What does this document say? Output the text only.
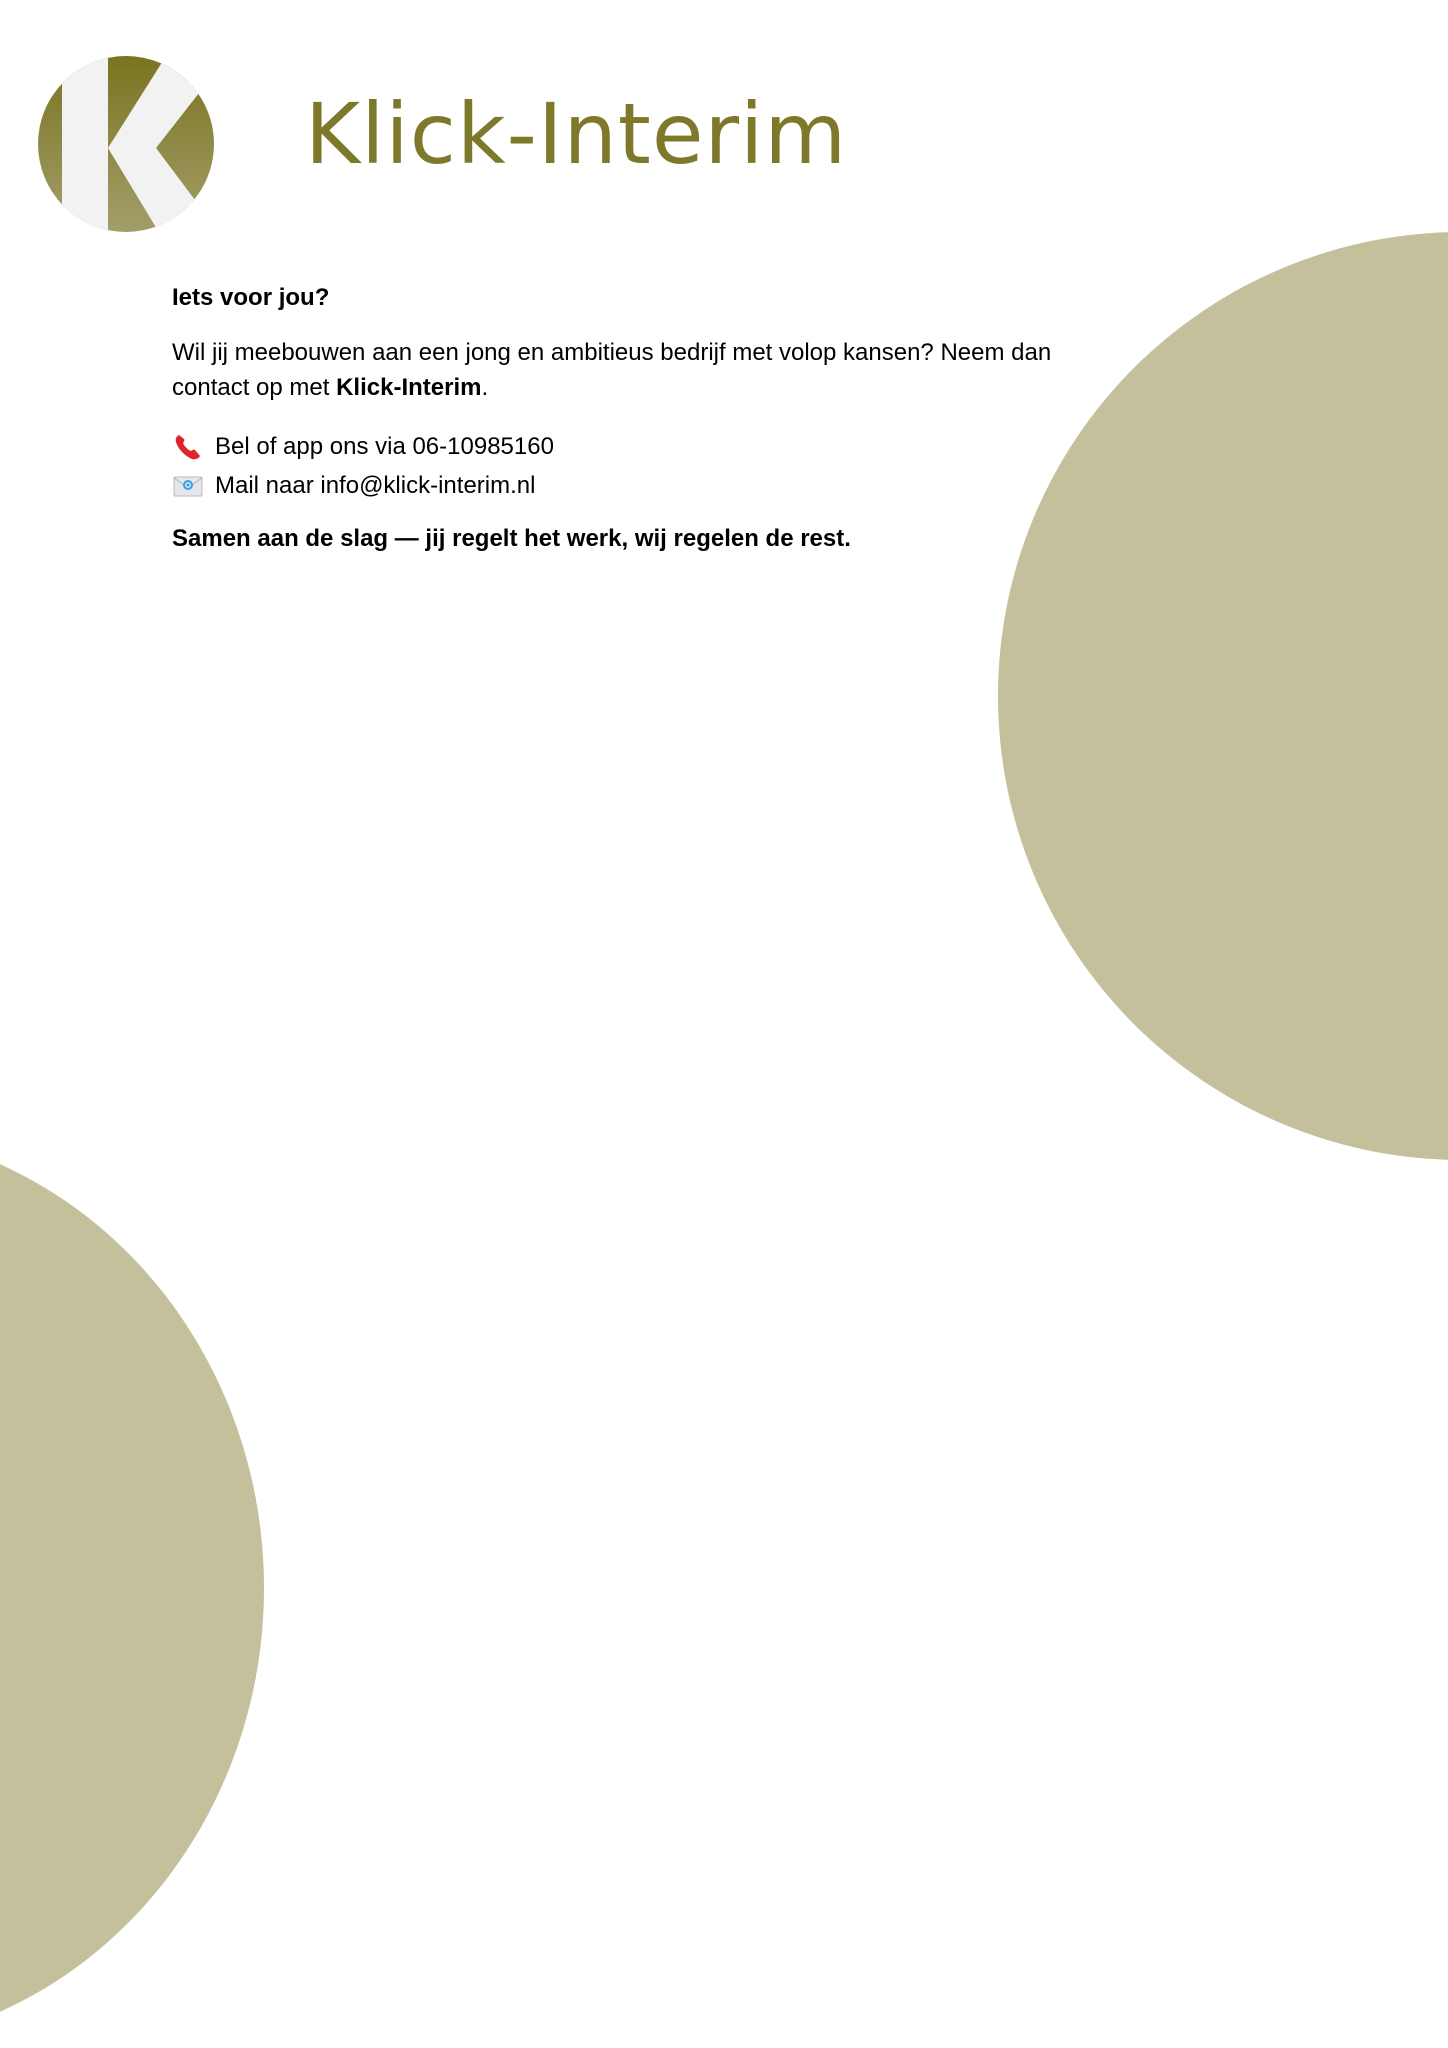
Klick-Interim
Iets voor jou?
Wil jij meebouwen aan een jong en ambitieus bedrijf met volop kansen? Neem dan contact op met Klick-Interim.
Bel of app ons via 06-10985160
Mail naar info@klick-interim.nl
Samen aan de slag — jij regelt het werk, wij regelen de rest.
